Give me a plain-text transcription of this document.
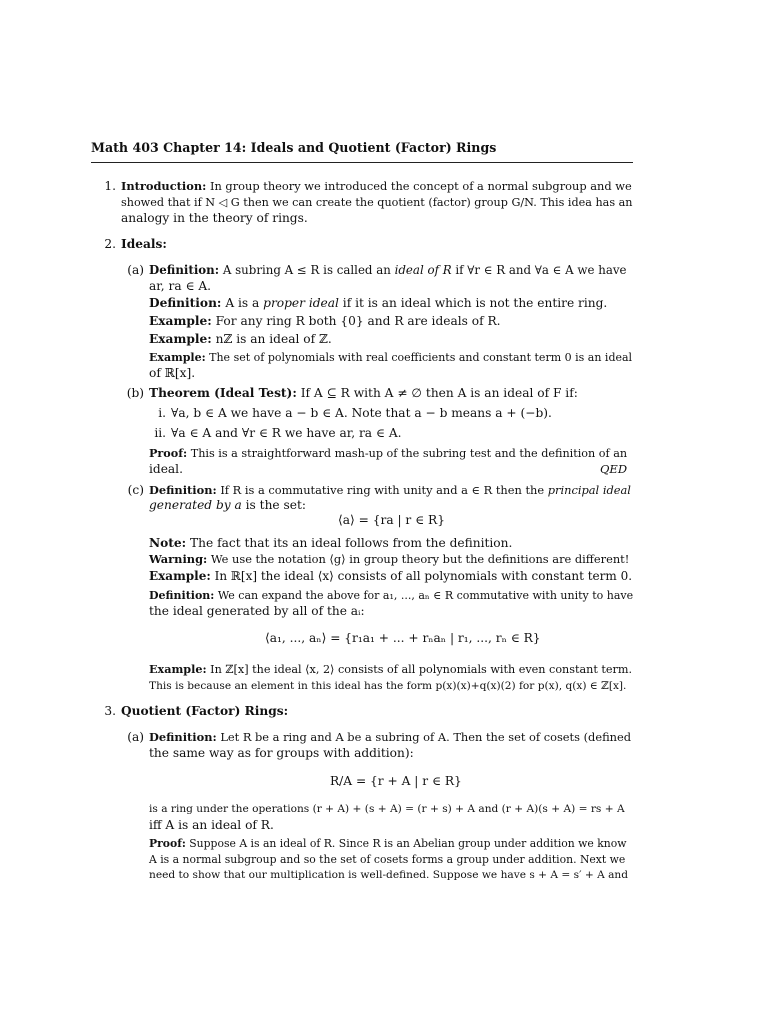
Math 403 Chapter 14: Ideals and Quotient (Factor) Rings
1. Introduction: In group theory we introduced the concept of a normal subgroup and we
showed that if N ◁ G then we can create the quotient (factor) group G/N. This idea has an
analogy in the theory of rings.
2. Ideals:
(a) Definition: A subring A ≤ R is called an ideal of R if ∀r ∈ R and ∀a ∈ A we have
ar, ra ∈ A.
Definition: A is a proper ideal if it is an ideal which is not the entire ring.
Example: For any ring R both {0} and R are ideals of R.
Example: nℤ is an ideal of ℤ.
Example: The set of polynomials with real coefficients and constant term 0 is an ideal
of ℝ[x].
(b) Theorem (Ideal Test): If A ⊆ R with A ≠ ∅ then A is an ideal of F if:
i. ∀a, b ∈ A we have a − b ∈ A. Note that a − b means a + (−b).
ii. ∀a ∈ A and ∀r ∈ R we have ar, ra ∈ A.
Proof: This is a straightforward mash-up of the subring test and the definition of an
ideal.	QED
(c) Definition: If R is a commutative ring with unity and a ∈ R then the principal ideal
generated by a is the set:
⟨a⟩ = {ra | r ∈ R}
Note: The fact that its an ideal follows from the definition.
Warning: We use the notation ⟨g⟩ in group theory but the definitions are different!
Example: In ℝ[x] the ideal ⟨x⟩ consists of all polynomials with constant term 0.
Definition: We can expand the above for a₁, ..., aₙ ∈ R commutative with unity to have
the ideal generated by all of the aᵢ:
⟨a₁, ..., aₙ⟩ = {r₁a₁ + ... + rₙaₙ | r₁, ..., rₙ ∈ R}
Example: In ℤ[x] the ideal ⟨x, 2⟩ consists of all polynomials with even constant term.
This is because an element in this ideal has the form p(x)(x)+q(x)(2) for p(x), q(x) ∈ ℤ[x].
3. Quotient (Factor) Rings:
(a) Definition: Let R be a ring and A be a subring of A. Then the set of cosets (defined
the same way as for groups with addition):
R/A = {r + A | r ∈ R}
is a ring under the operations (r + A) + (s + A) = (r + s) + A and (r + A)(s + A) = rs + A
iff A is an ideal of R.
Proof: Suppose A is an ideal of R. Since R is an Abelian group under addition we know
A is a normal subgroup and so the set of cosets forms a group under addition. Next we
need to show that our multiplication is well-defined. Suppose we have s + A = s′ + A and
